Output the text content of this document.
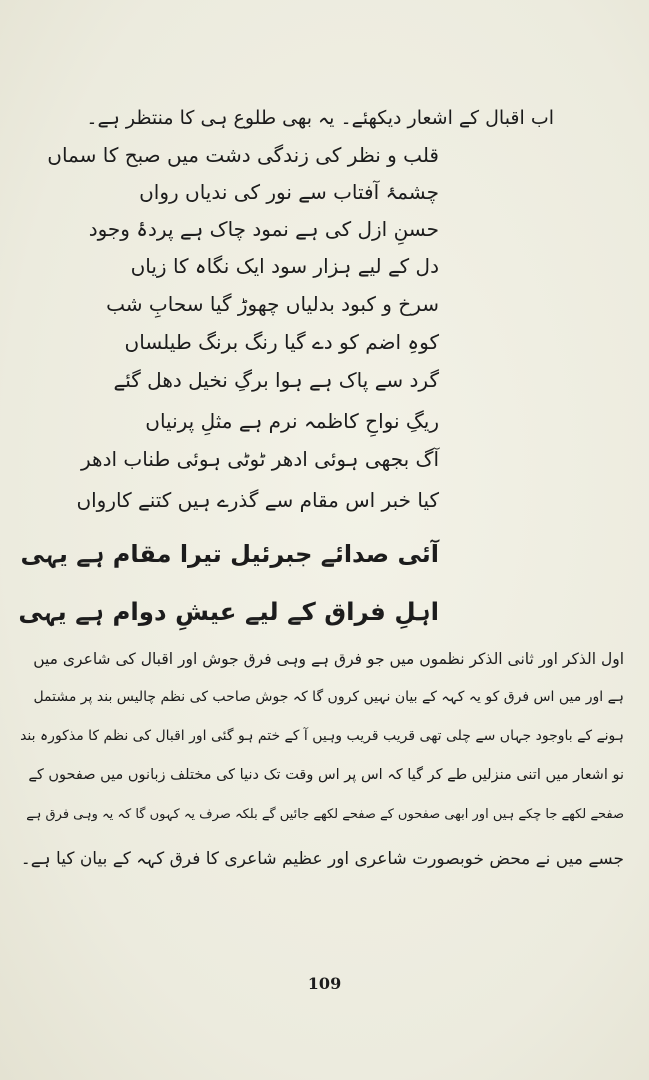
اب اقبال کے اشعار دیکھئے۔ یہ بھی طلوع ہی کا منتظر ہے۔

قلب و نظر کی زندگی دشت میں صبح کا سماں

چشمۂ آفتاب سے نور کی ندیاں رواں

حسنِ ازل کی ہے نمود چاک ہے پردۂ وجود

دل کے لیے ہزار سود ایک نگاہ کا زیاں

سرخ و کبود بدلیاں چھوڑ گیا سحابِ شب

کوہِ اضم کو دے گیا رنگ برنگ طیلساں

گرد سے پاک ہے ہوا برگِ نخیل دھل گئے

ریگِ نواحِ کاظمہ نرم ہے مثلِ پرنیاں

آگ بجھی ہوئی ادھر ٹوٹی ہوئی طناب ادھر

کیا خبر اس مقام سے گذرے ہیں کتنے کارواں

آئی صدائے جبرئیل تیرا مقام ہے یہی

اہلِ فراق کے لیے عیشِ دوام ہے یہی

اول الذکر اور ثانی الذکر نظموں میں جو فرق ہے وہی فرق جوش اور اقبال کی شاعری میں

ہے اور میں اس فرق کو یہ کہہ کے بیان نہیں کروں گا کہ جوش صاحب کی نظم چالیس بند پر مشتمل

ہونے کے باوجود جہاں سے چلی تھی قریب قریب وہیں آ کے ختم ہو گئی اور اقبال کی نظم کا مذکورہ بند

نو اشعار میں اتنی منزلیں طے کر گیا کہ اس پر اس وقت تک دنیا کی مختلف زبانوں میں صفحوں کے

صفحے لکھے جا چکے ہیں اور ابھی صفحوں کے صفحے لکھے جائیں گے بلکہ صرف یہ کہوں گا کہ یہ وہی فرق ہے

جسے میں نے محض خوبصورت شاعری اور عظیم شاعری کا فرق کہہ کے بیان کیا ہے۔

109
